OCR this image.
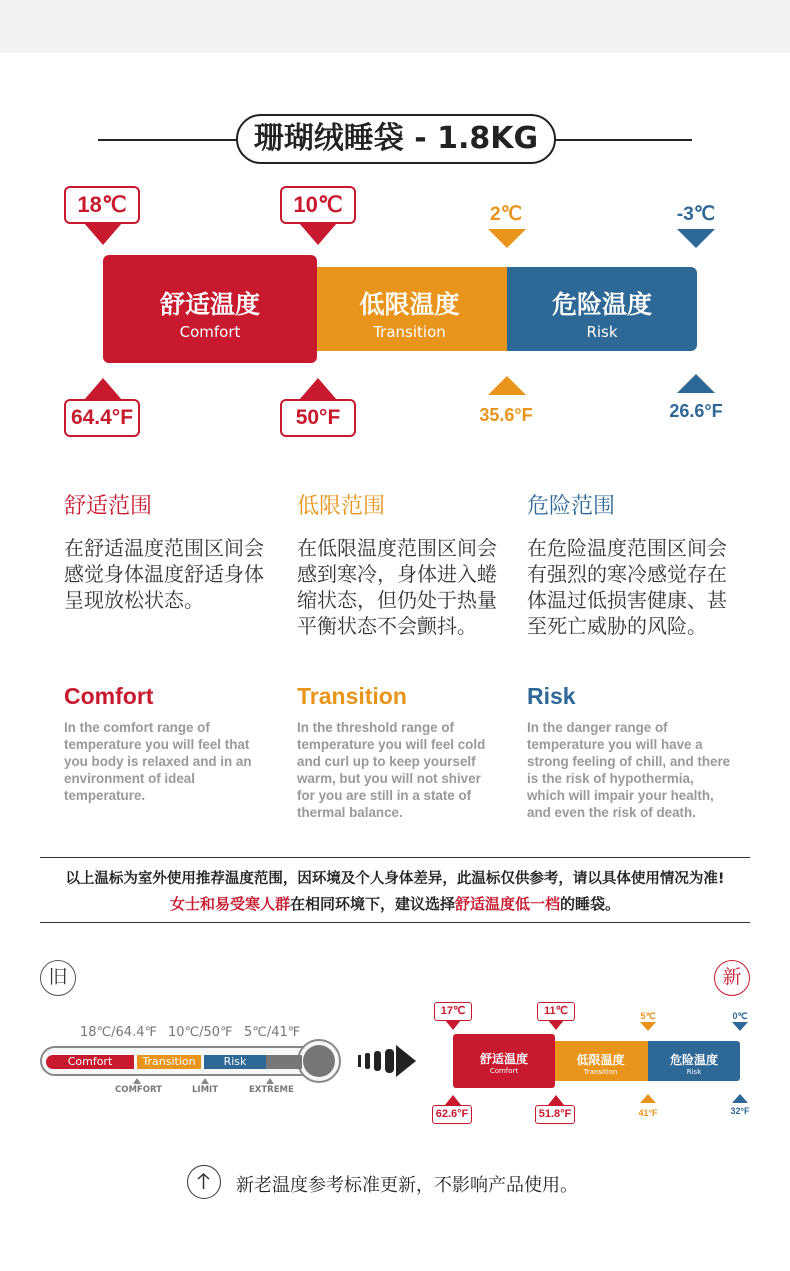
珊瑚绒睡袋 - 1.8KG
18℃	10℃	2℃	-3℃
危险温度
Risk
低限温度
Transition
舒适温度
Comfort
64.4°F	50°F	35.6°F	26.6°F
舒适范围
在舒适温度范围区间会感觉身体温度舒适身体呈现放松状态。
Comfort
In the comfort range of temperature you will feel that you body is relaxed and in an environment of ideal temperature.
低限范围
在低限温度范围区间会感到寒冷，身体进入蜷缩状态，但仍处于热量平衡状态不会颤抖。
Transition
In the threshold range of temperature you will feel cold and curl up to keep yourself warm, but you will not shiver for you are still in a state of thermal balance.
危险范围
在危险温度范围区间会有强烈的寒冷感觉存在体温过低损害健康、甚至死亡威胁的风险。
Risk
In the danger range of temperature you will have a strong feeling of chill, and there is the risk of hypothermia, which will impair your health, and even the risk of death.
以上温标为室外使用推荐温度范围，因环境及个人身体差异，此温标仅供参考，请以具体使用情况为准!
女士和易受寒人群在相同环境下，建议选择舒适温度低一档的睡袋。
旧
18℃/64.4℉ 10℃/50℉ 5℃/41℉
Comfort	Transition	Risk
COMFORT	LIMIT	EXTREME
新
17℃	11℃	5℃	0℃
危险温度
Risk
低限温度
Transition
舒适温度
Comfort
62.6°F	51.8°F	41°F	32°F
新老温度参考标准更新，不影响产品使用。
